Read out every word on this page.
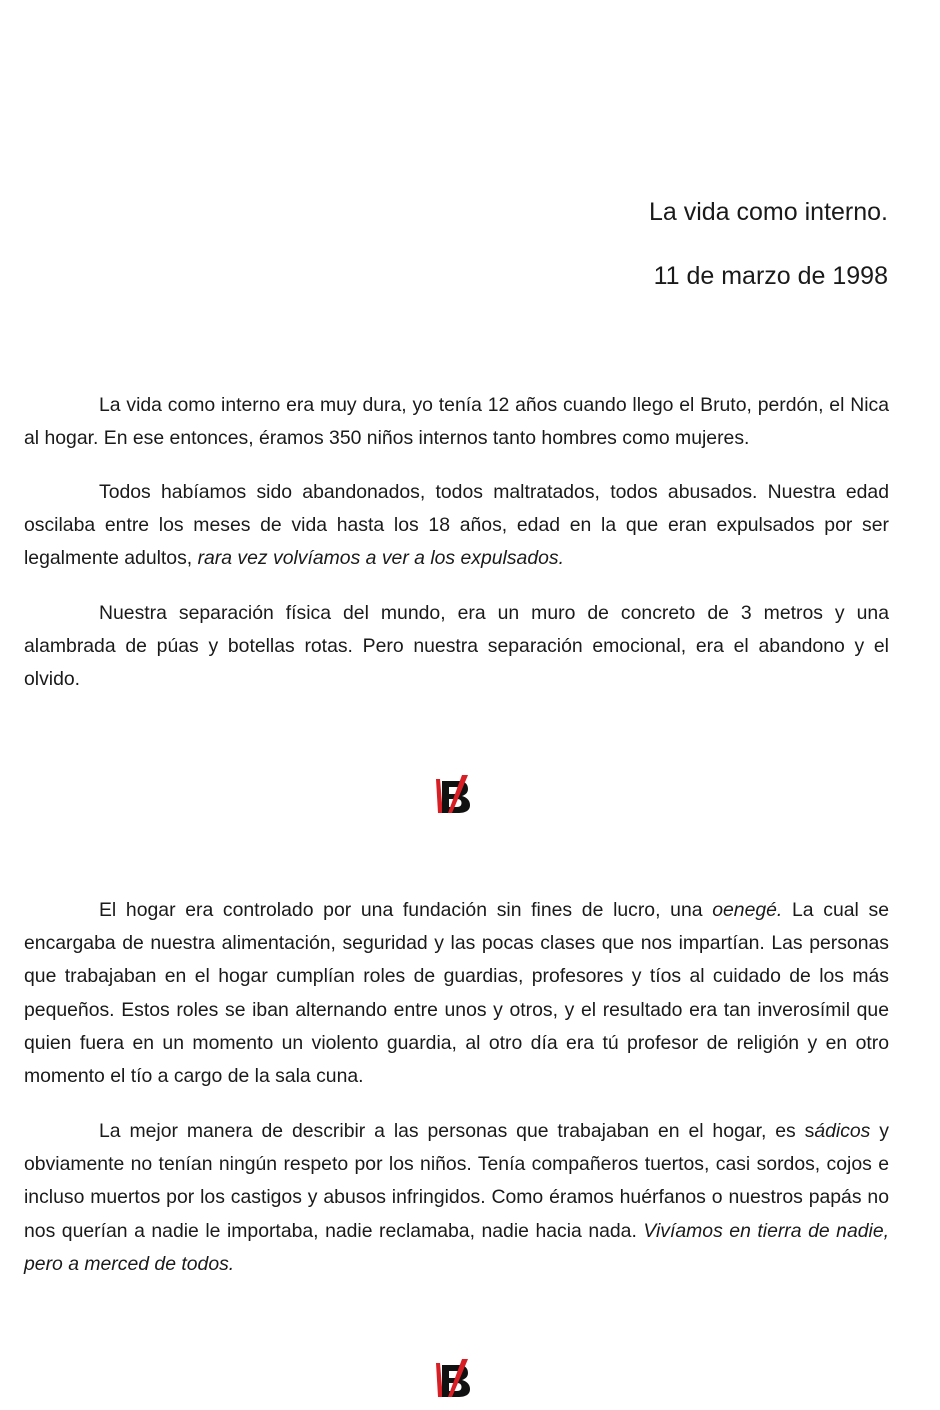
La vida como interno.
11 de marzo de 1998

La vida como interno era muy dura, yo tenía 12 años cuando llego el Bruto, perdón, el Nica al hogar. En ese entonces, éramos 350 niños internos tanto hombres como mujeres.

Todos habíamos sido abandonados, todos maltratados, todos abusados. Nuestra edad oscilaba entre los meses de vida hasta los 18 años, edad en la que eran expulsados por ser legalmente adultos, rara vez volvíamos a ver a los expulsados.

Nuestra separación física del mundo, era un muro de concreto de 3 metros y una alambrada de púas y botellas rotas. Pero nuestra separación emocional, era el abandono y el olvido.

El hogar era controlado por una fundación sin fines de lucro, una oenegé. La cual se encargaba de nuestra alimentación, seguridad y las pocas clases que nos impartían. Las personas que trabajaban en el hogar cumplían roles de guardias, profesores y tíos al cuidado de los más pequeños. Estos roles se iban alternando entre unos y otros, y el resultado era tan inverosímil que quien fuera en un momento un violento guardia, al otro día era tú profesor de religión y en otro momento el tío a cargo de la sala cuna.

La mejor manera de describir a las personas que trabajaban en el hogar, es sádicos y obviamente no tenían ningún respeto por los niños. Tenía compañeros tuertos, casi sordos, cojos e incluso muertos por los castigos y abusos infringidos. Como éramos huérfanos o nuestros papás no nos querían a nadie le importaba, nadie reclamaba, nadie hacia nada. Vivíamos en tierra de nadie, pero a merced de todos.
